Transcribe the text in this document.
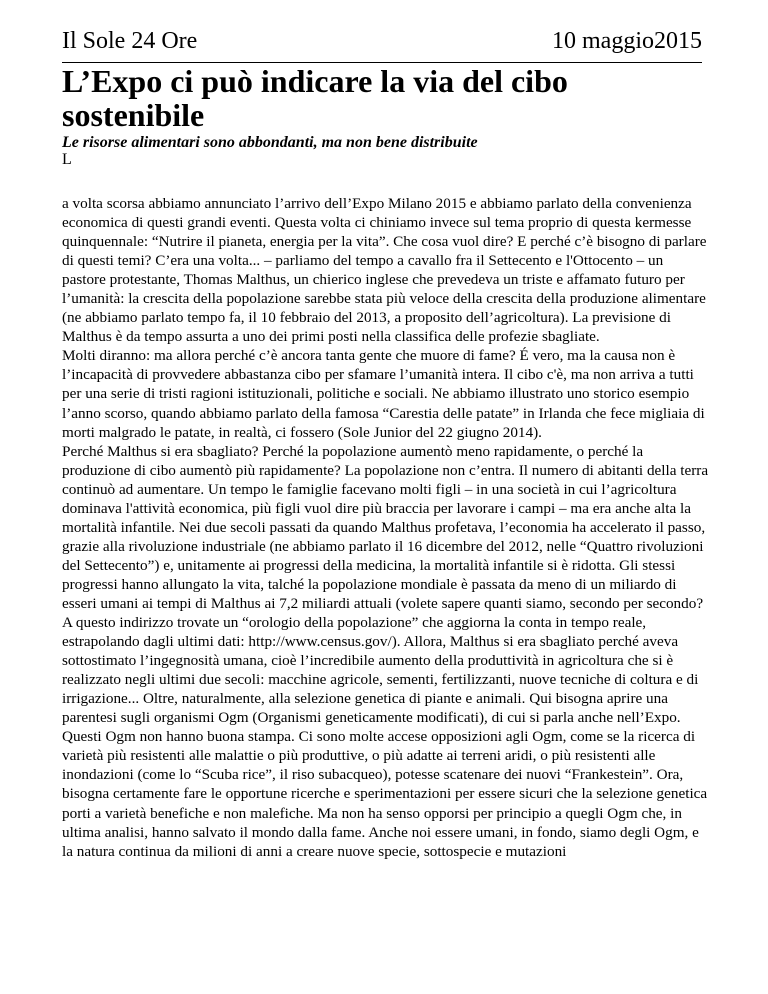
Il Sole 24 Ore	10 maggio2015
L’Expo ci può indicare la via del cibo sostenibile

Le risorse alimentari sono abbondanti, ma non bene distribuite

L

a volta scorsa abbiamo annunciato l’arrivo dell’Expo Milano 2015 e abbiamo parlato della convenienza economica di questi grandi eventi. Questa volta ci chiniamo invece sul tema proprio di questa kermesse quinquennale: “Nutrire il pianeta, energia per la vita”. Che cosa vuol dire? E perché c’è bisogno di parlare di questi temi? C’era una volta... – parliamo del tempo a cavallo fra il Settecento e l'Ottocento – un pastore protestante, Thomas Malthus, un chierico inglese che prevedeva un triste e affamato futuro per l’umanità: la crescita della popolazione sarebbe stata più veloce della crescita della produzione alimentare (ne abbiamo parlato tempo fa, il 10 febbraio del 2013, a proposito dell’agricoltura). La previsione di Malthus è da tempo assurta a uno dei primi posti nella classifica delle profezie sbagliate.

Molti diranno: ma allora perché c’è ancora tanta gente che muore di fame? É vero, ma la causa non è l’incapacità di provvedere abbastanza cibo per sfamare l’umanità intera. Il cibo c'è, ma non arriva a tutti per una serie di tristi ragioni istituzionali, politiche e sociali. Ne abbiamo illustrato uno storico esempio l’anno scorso, quando abbiamo parlato della famosa “Carestia delle patate” in Irlanda che fece migliaia di morti malgrado le patate, in realtà, ci fossero (Sole Junior del 22 giugno 2014).

Perché Malthus si era sbagliato? Perché la popolazione aumentò meno rapidamente, o perché la produzione di cibo aumentò più rapidamente? La popolazione non c’entra. Il numero di abitanti della terra continuò ad aumentare. Un tempo le famiglie facevano molti figli – in una società in cui l’agricoltura dominava l'attività economica, più figli vuol dire più braccia per lavorare i campi – ma era anche alta la mortalità infantile. Nei due secoli passati da quando Malthus profetava, l’economia ha accelerato il passo, grazie alla rivoluzione industriale (ne abbiamo parlato il 16 dicembre del 2012, nelle “Quattro rivoluzioni del Settecento”) e, unitamente ai progressi della medicina, la mortalità infantile si è ridotta. Gli stessi progressi hanno allungato la vita, talché la popolazione mondiale è passata da meno di un miliardo di esseri umani ai tempi di Malthus ai 7,2 miliardi attuali (volete sapere quanti siamo, secondo per secondo? A questo indirizzo trovate un “orologio della popolazione” che aggiorna la conta in tempo reale, estrapolando dagli ultimi dati: http://www.census.gov/). Allora, Malthus si era sbagliato perché aveva sottostimato l’ingegnosità umana, cioè l’incredibile aumento della produttività in agricoltura che si è realizzato negli ultimi due secoli: macchine agricole, sementi, fertilizzanti, nuove tecniche di coltura e di irrigazione... Oltre, naturalmente, alla selezione genetica di piante e animali. Qui bisogna aprire una parentesi sugli organismi Ogm (Organismi geneticamente modificati), di cui si parla anche nell’Expo. Questi Ogm non hanno buona stampa. Ci sono molte accese opposizioni agli Ogm, come se la ricerca di varietà più resistenti alle malattie o più produttive, o più adatte ai terreni aridi, o più resistenti alle inondazioni (come lo “Scuba rice”, il riso subacqueo), potesse scatenare dei nuovi “Frankestein”. Ora, bisogna certamente fare le opportune ricerche e sperimentazioni per essere sicuri che la selezione genetica porti a varietà benefiche e non malefiche. Ma non ha senso opporsi per principio a quegli Ogm che, in ultima analisi, hanno salvato il mondo dalla fame. Anche noi essere umani, in fondo, siamo degli Ogm, e la natura continua da milioni di anni a creare nuove specie, sottospecie e mutazioni
